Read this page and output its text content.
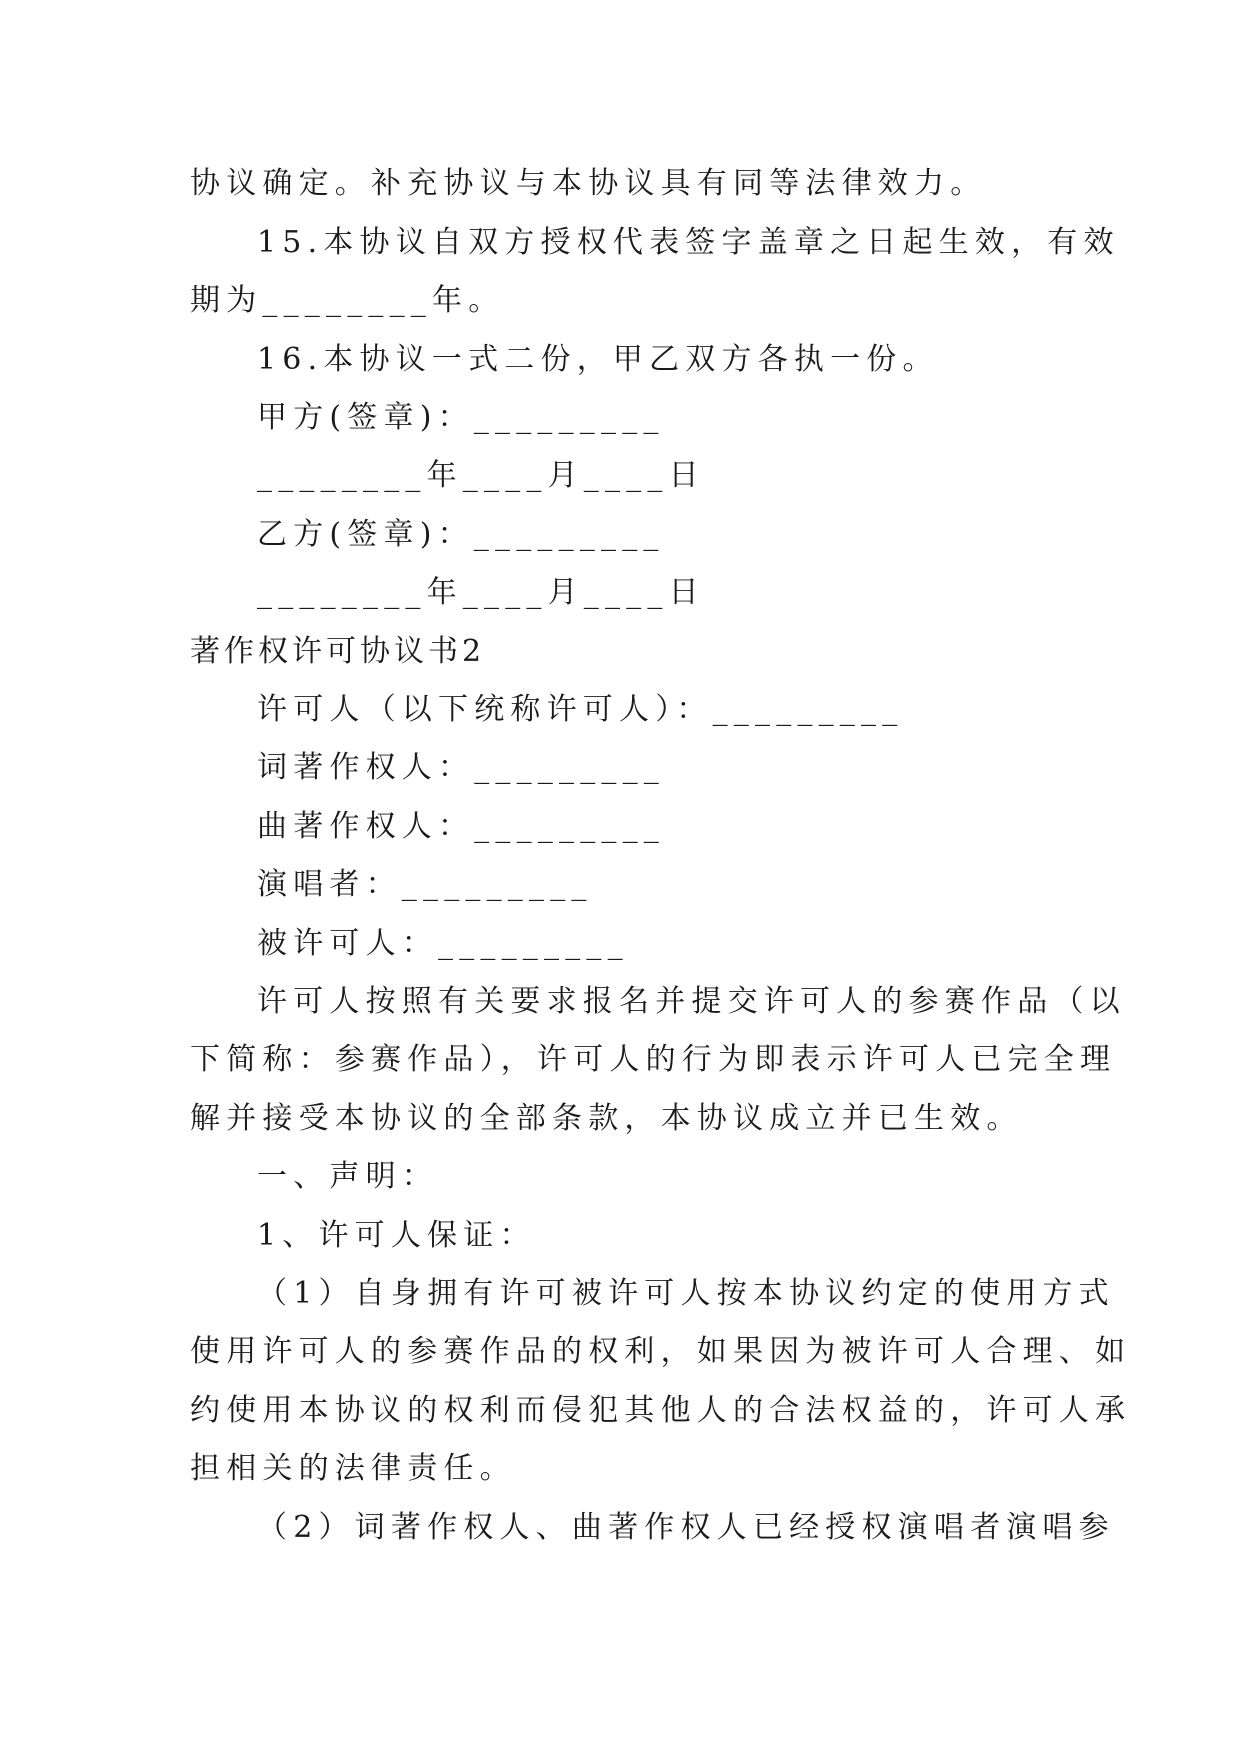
协议确定。补充协议与本协议具有同等法律效力。
15.本协议自双方授权代表签字盖章之日起生效，有效
期为________年。
16.本协议一式二份，甲乙双方各执一份。
甲方(签章)：_________
________年____月____日
乙方(签章)：_________
________年____月____日
著作权许可协议书2
许可人（以下统称许可人）：_________
词著作权人：_________
曲著作权人：_________
演唱者：_________
被许可人：_________
许可人按照有关要求报名并提交许可人的参赛作品（以
下简称：参赛作品），许可人的行为即表示许可人已完全理
解并接受本协议的全部条款，本协议成立并已生效。
一、声明：
1、许可人保证：
（1）自身拥有许可被许可人按本协议约定的使用方式
使用许可人的参赛作品的权利，如果因为被许可人合理、如
约使用本协议的权利而侵犯其他人的合法权益的，许可人承
担相关的法律责任。
（2）词著作权人、曲著作权人已经授权演唱者演唱参
